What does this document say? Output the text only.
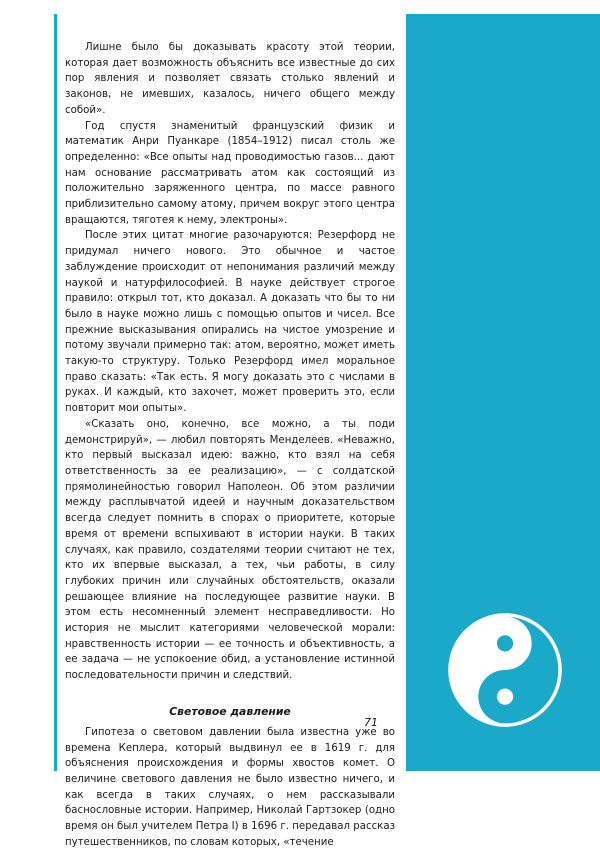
Лишне было бы доказывать красоту этой теории, которая дает возможность объяснить все известные до сих пор явления и позволяет связать столько явлений и законов, не имевших, казалось, ничего общего между собой».

Год спустя знаменитый французский физик и математик Анри Пуанкаре (1854–1912) писал столь же определенно: «Все опыты над проводимостью газов... дают нам основание рассматривать атом как состоящий из положительно заряженного центра, по массе равного приблизительно самому атому, причем вокруг этого центра вращаются, тяготея к нему, электроны».

После этих цитат многие разочаруются: Резерфорд не придумал ничего нового. Это обычное и частое заблуждение происходит от непонимания различий между наукой и натурфилософией. В науке действует строгое правило: открыл тот, кто доказал. А доказать что бы то ни было в науке можно лишь с помощью опытов и чисел. Все прежние высказывания опирались на чистое умозрение и потому звучали примерно так: атом, вероятно, может иметь такую-то структуру. Только Резерфорд имел моральное право сказать: «Так есть. Я могу доказать это с числами в руках. И каждый, кто захочет, может проверить это, если повторит мои опыты».

«Сказать оно, конечно, все можно, а ты поди демонстрируй», — любил повторять Менделеев. «Неважно, кто первый высказал идею: важно, кто взял на себя ответственность за ее реализацию», — с солдатской прямолинейностью говорил Наполеон. Об этом различии между расплывчатой идеей и научным доказательством всегда следует помнить в спорах о приоритете, которые время от времени вспыхивают в истории науки. В таких случаях, как правило, создателями теории считают не тех, кто их впервые высказал, а тех, чьи работы, в силу глубоких причин или случайных обстоятельств, оказали решающее влияние на последующее развитие науки. В этом есть несомненный элемент несправедливости. Но история не мыслит категориями человеческой морали: нравственность истории — ее точность и объективность, а ее задача — не успокоение обид, а установление истинной последовательности причин и следствий.

Световое давление

Гипотеза о световом давлении была известна уже во времена Кеплера, который выдвинул ее в 1619 г. для объяснения происхождения и формы хвостов комет. О величине светового давления не было известно ничего, и как всегда в таких случаях, о нем рассказывали баснословные истории. Например, Николай Гартзокер (одно время он был учителем Петра I) в 1696 г. передавал рассказ путешественников, по словам которых, «течение

71
